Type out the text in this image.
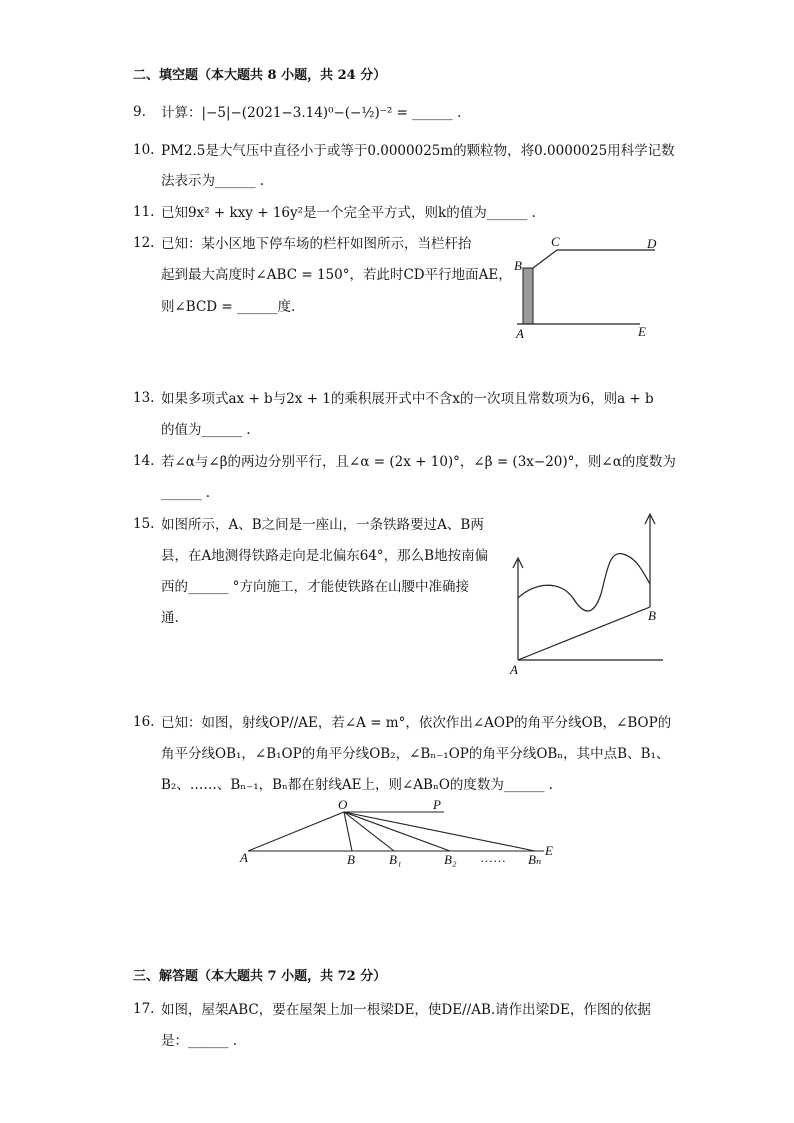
二、填空题（本大题共 8 小题，共 24 分）
9. 计算：|−5|−(2021−3.14)⁰−(−½)⁻² = ______ .
10. PM2.5是大气压中直径小于或等于0.0000025m的颗粒物，将0.0000025用科学记数
法表示为______ .
11. 已知9x² + kxy + 16y²是一个完全平方式，则k的值为______ .
12. 已知：某小区地下停车场的栏杆如图所示，当栏杆抬
起到最大高度时∠ABC = 150°，若此时CD平行地面AE，
则∠BCD = ______度.
B
C	D
A	E
13. 如果多项式ax + b与2x + 1的乘积展开式中不含x的一次项且常数项为6，则a + b
的值为______ .
14. 若∠α与∠β的两边分别平行，且∠α = (2x + 10)°，∠β = (3x−20)°，则∠α的度数为
______ .
15. 如图所示，A、B之间是一座山，一条铁路要过A、B两
县，在A地测得铁路走向是北偏东64°，那么B地按南偏
西的______ °方向施工，才能使铁路在山腰中准确接
通.
A
B
16. 已知：如图，射线OP//AE，若∠A = m°，依次作出∠AOP的角平分线OB，∠BOP的
角平分线OB₁，∠B₁OP的角平分线OB₂，∠Bₙ₋₁OP的角平分线OBₙ，其中点B、B₁、
B₂、……、Bₙ₋₁，Bₙ都在射线AE上，则∠ABₙO的度数为______ .
O	P
A	B	B₁	B₂ …… Bₙ
E
三、解答题（本大题共 7 小题，共 72 分）
17. 如图，屋架ABC，要在屋架上加一根梁DE，使DE//AB.请作出梁DE，作图的依据
是：______ .
